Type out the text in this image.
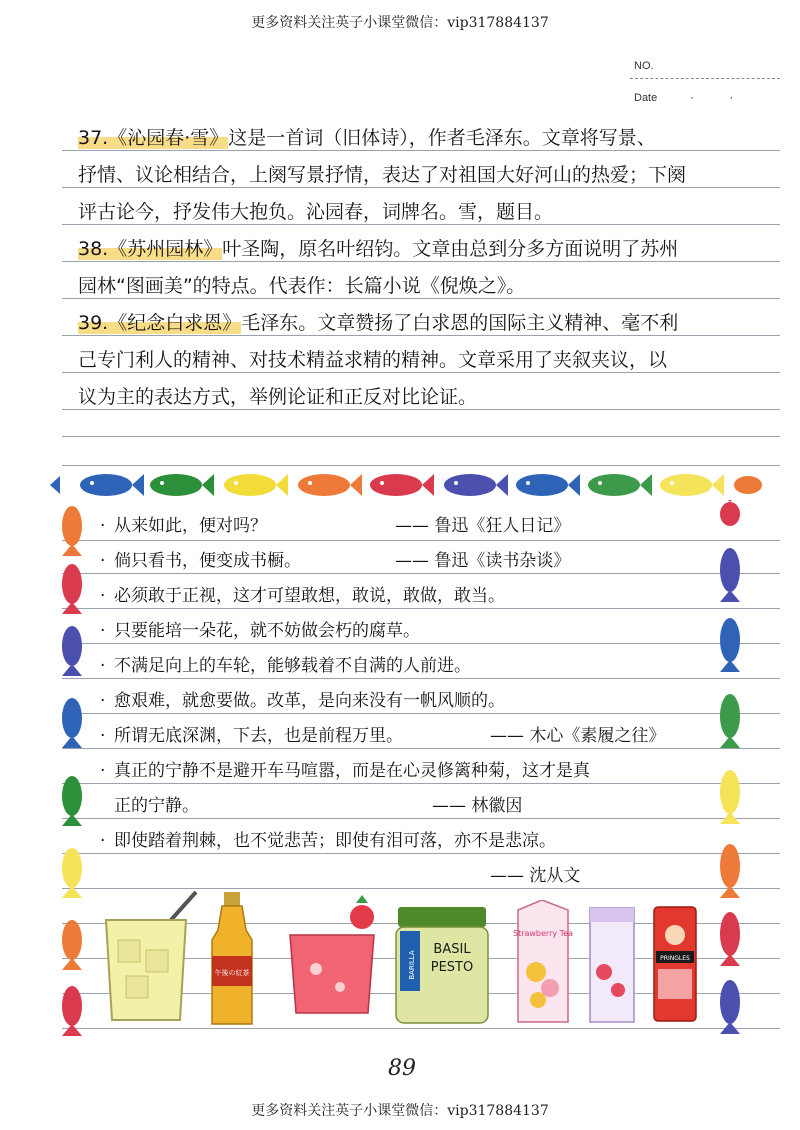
更多资料关注英子小课堂微信：vip317884137
NO.
Date	· ·
37.《沁园春·雪》这是一首词（旧体诗），作者毛泽东。文章将写景、
抒情、议论相结合，上阕写景抒情，表达了对祖国大好河山的热爱；下阕
评古论今，抒发伟大抱负。沁园春，词牌名。雪，题目。
38.《苏州园林》叶圣陶，原名叶绍钧。文章由总到分多方面说明了苏州
园林“图画美”的特点。代表作：长篇小说《倪焕之》。
39.《纪念白求恩》毛泽东。文章赞扬了白求恩的国际主义精神、毫不利
己专门利人的精神、对技术精益求精的精神。文章采用了夹叙夹议，以
议为主的表达方式，举例论证和正反对比论证。
· 从来如此，便对吗？	—— 鲁迅《狂人日记》
· 倘只看书，便变成书橱。	—— 鲁迅《读书杂谈》
· 必须敢于正视，这才可望敢想，敢说，敢做，敢当。
· 只要能培一朵花，就不妨做会朽的腐草。
· 不满足向上的车轮，能够载着不自满的人前进。
· 愈艰难，就愈要做。改革，是向来没有一帆风顺的。
· 所谓无底深渊，下去，也是前程万里。	—— 木心《素履之往》
· 真正的宁静不是避开车马喧嚣，而是在心灵修篱种菊，这才是真
正的宁静。	—— 林徽因
· 即使踏着荆棘，也不觉悲苦；即使有泪可落，亦不是悲凉。
—— 沈从文
午後の紅茶	BARILLA
BASIL
PESTO
Strawberry Tea
PRINGLES
89
更多资料关注英子小课堂微信：vip317884137
